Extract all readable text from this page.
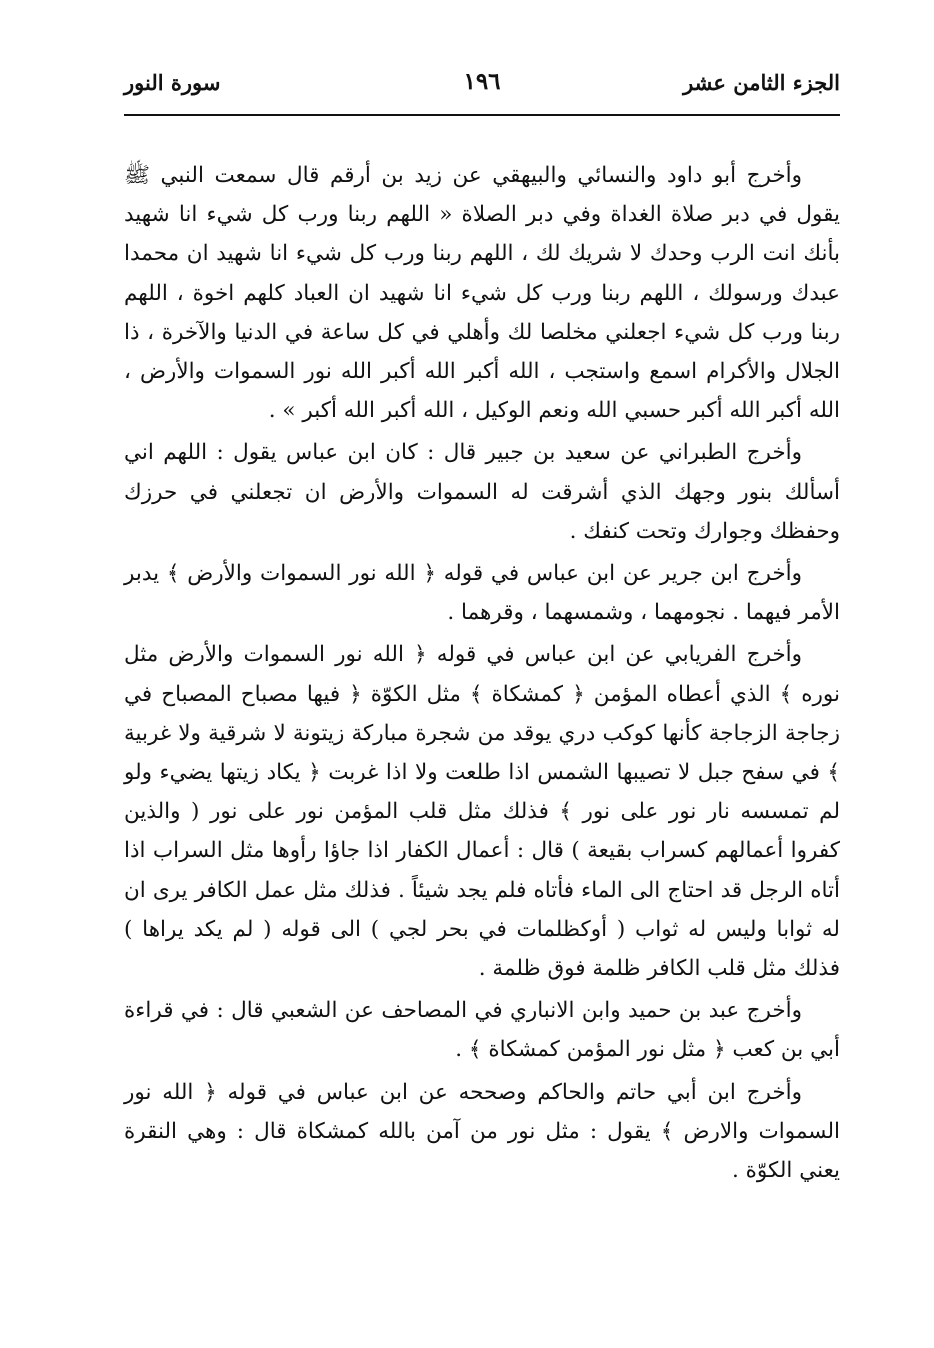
الجزء الثامن عشر
١٩٦
سورة النور

وأخرج أبو داود والنسائي والبيهقي عن زيد بن أرقم قال سمعت النبي ﷺ يقول في دبر صلاة الغداة وفي دبر الصلاة « اللهم ربنا ورب كل شيء انا شهيد بأنك انت الرب وحدك لا شريك لك ، اللهم ربنا ورب كل شيء انا شهيد ان محمدا عبدك ورسولك ، اللهم ربنا ورب كل شيء انا شهيد ان العباد كلهم اخوة ، اللهم ربنا ورب كل شيء اجعلني مخلصا لك وأهلي في كل ساعة في الدنيا والآخرة ، ذا الجلال والأكرام اسمع واستجب ، الله أكبر الله أكبر الله نور السموات والأرض ، الله أكبر الله أكبر حسبي الله ونعم الوكيل ، الله أكبر الله أكبر » .

وأخرج الطبراني عن سعيد بن جبير قال : كان ابن عباس يقول : اللهم اني أسألك بنور وجهك الذي أشرقت له السموات والأرض ان تجعلني في حرزك وحفظك وجوارك وتحت كنفك .

وأخرج ابن جرير عن ابن عباس في قوله ﴿ الله نور السموات والأرض ﴾ يدبر الأمر فيهما . نجومهما ، وشمسهما ، وقرهما .

وأخرج الفريابي عن ابن عباس في قوله ﴿ الله نور السموات والأرض مثل نوره ﴾ الذي أعطاه المؤمن ﴿ كمشكاة ﴾ مثل الكوّة ﴿ فيها مصباح المصباح في زجاجة الزجاجة كأنها كوكب دري يوقد من شجرة مباركة زيتونة لا شرقية ولا غربية ﴾ في سفح جبل لا تصيبها الشمس اذا طلعت ولا اذا غربت ﴿ يكاد زيتها يضيء ولو لم تمسسه نار نور على نور ﴾ فذلك مثل قلب المؤمن نور على نور ( والذين كفروا أعمالهم كسراب بقيعة ) قال : أعمال الكفار اذا جاؤا رأوها مثل السراب اذا أتاه الرجل قد احتاج الى الماء فأتاه فلم يجد شيئاً . فذلك مثل عمل الكافر يرى ان له ثوابا وليس له ثواب ( أوكظلمات في بحر لجي ) الى قوله ( لم يكد يراها ) فذلك مثل قلب الكافر ظلمة فوق ظلمة .

وأخرج عبد بن حميد وابن الانباري في المصاحف عن الشعبي قال : في قراءة أبي بن كعب ﴿ مثل نور المؤمن كمشكاة ﴾ .

وأخرج ابن أبي حاتم والحاكم وصححه عن ابن عباس في قوله ﴿ الله نور السموات والارض ﴾ يقول : مثل نور من آمن بالله كمشكاة قال : وهي النقرة يعني الكوّة .
